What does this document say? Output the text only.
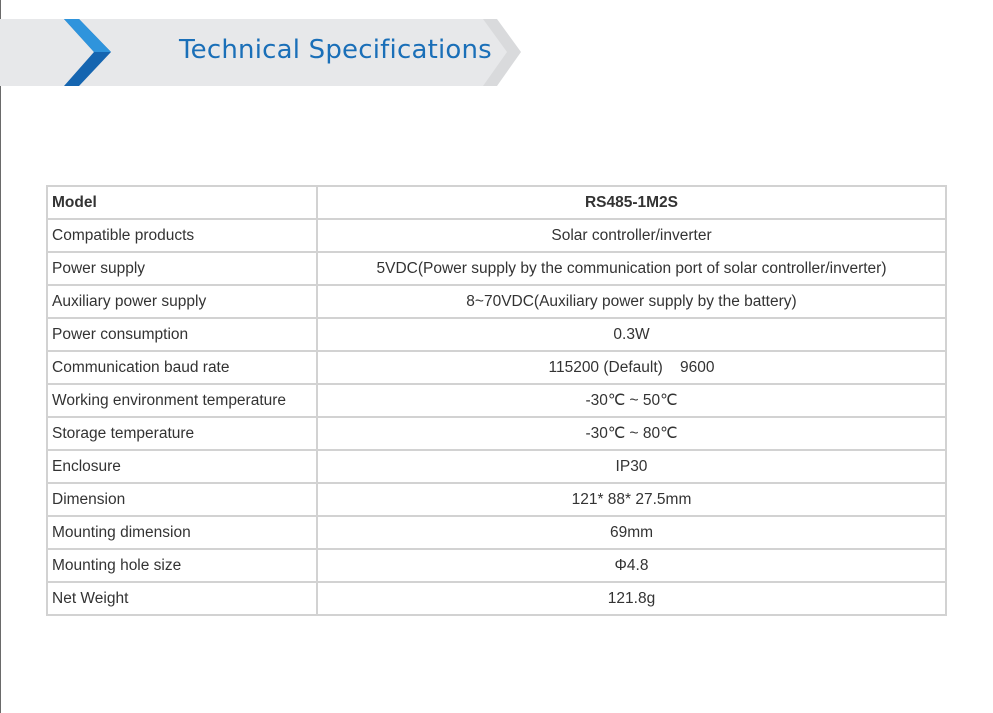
Technical Specifications
Model	RS485-1M2S
Compatible products	Solar controller/inverter
Power supply	5VDC(Power supply by the communication port of solar controller/inverter)
Auxiliary power supply	8~70VDC(Auxiliary power supply by the battery)
Power consumption	0.3W
Communication baud rate	115200 (Default)    9600
Working environment temperature	-30℃ ~ 50℃
Storage temperature	-30℃ ~ 80℃
Enclosure	IP30
Dimension	121* 88* 27.5mm
Mounting dimension	69mm
Mounting hole size	Φ4.8
Net Weight	121.8g
